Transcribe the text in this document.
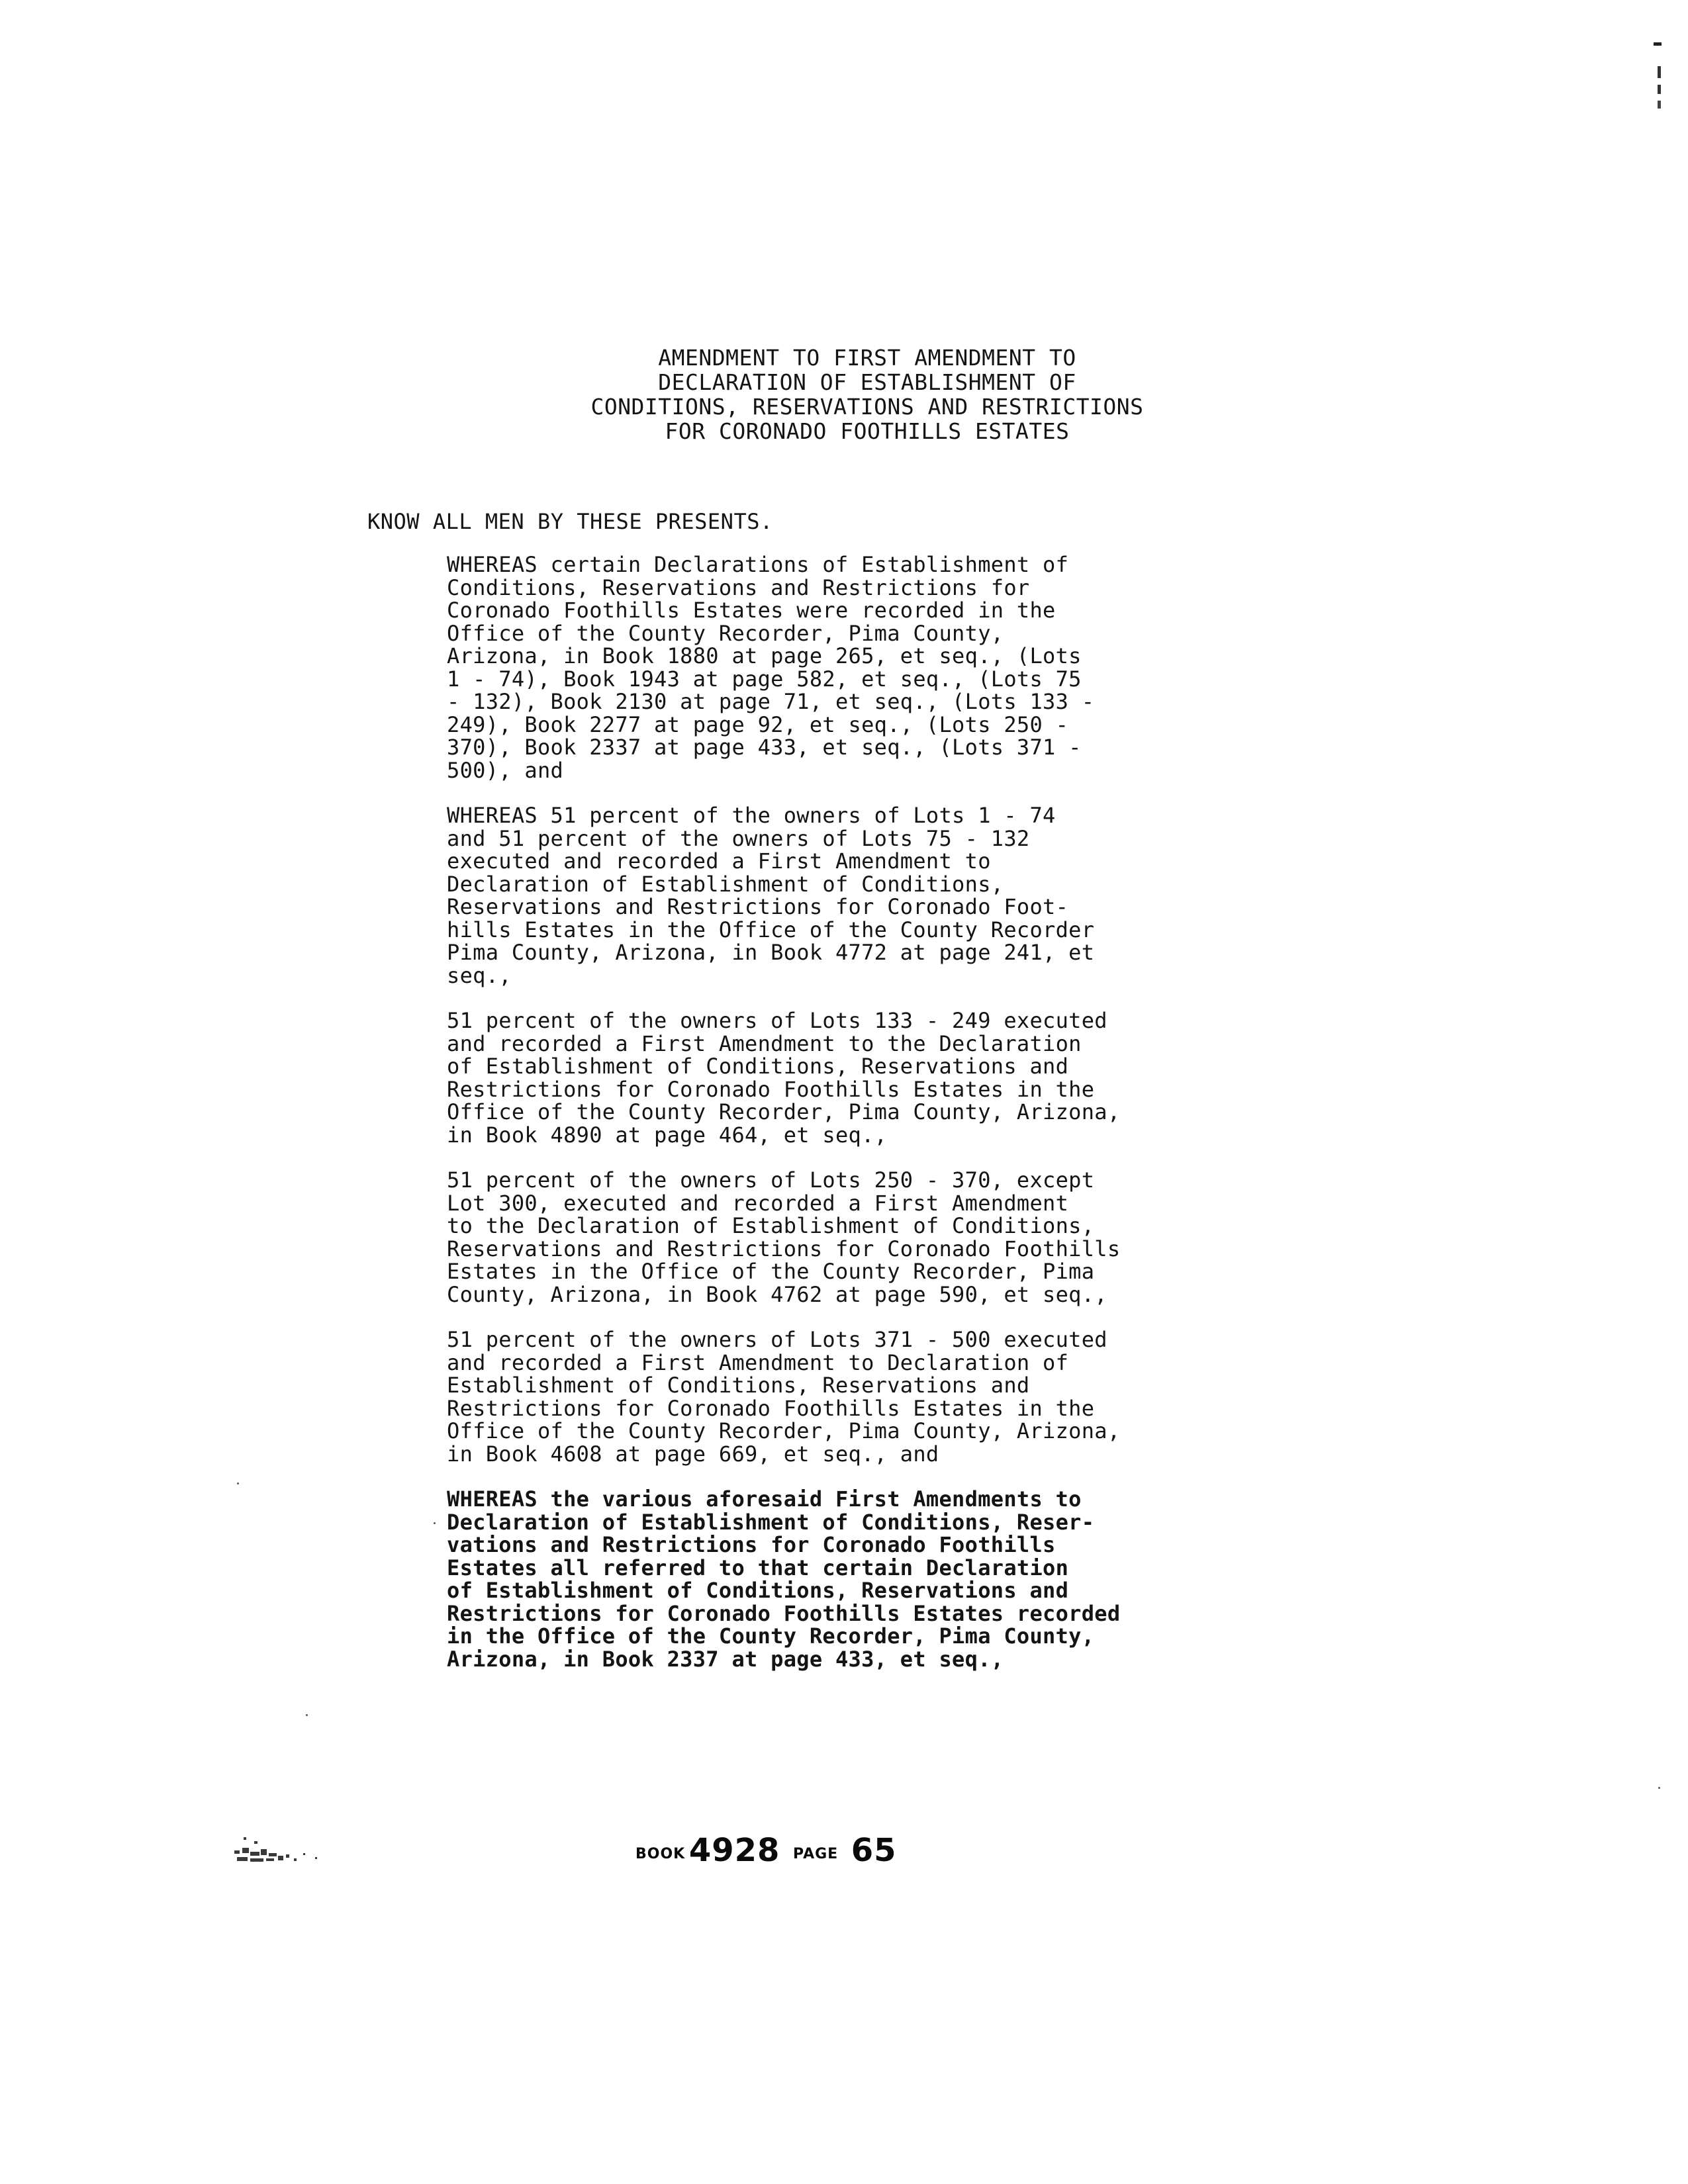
AMENDMENT TO FIRST AMENDMENT TO
DECLARATION OF ESTABLISHMENT OF
CONDITIONS, RESERVATIONS AND RESTRICTIONS
FOR CORONADO FOOTHILLS ESTATES
KNOW ALL MEN BY THESE PRESENTS.
WHEREAS certain Declarations of Establishment of
Conditions, Reservations and Restrictions for
Coronado Foothills Estates were recorded in the
Office of the County Recorder, Pima County,
Arizona, in Book 1880 at page 265, et seq., (Lots
1 - 74), Book 1943 at page 582, et seq., (Lots 75
- 132), Book 2130 at page 71, et seq., (Lots 133 -
249), Book 2277 at page 92, et seq., (Lots 250 -
370), Book 2337 at page 433, et seq., (Lots 371 -
500), and
WHEREAS 51 percent of the owners of Lots 1 - 74
and 51 percent of the owners of Lots 75 - 132
executed and recorded a First Amendment to
Declaration of Establishment of Conditions,
Reservations and Restrictions for Coronado Foot-
hills Estates in the Office of the County Recorder
Pima County, Arizona, in Book 4772 at page 241, et
seq.,
51 percent of the owners of Lots 133 - 249 executed
and recorded a First Amendment to the Declaration
of Establishment of Conditions, Reservations and
Restrictions for Coronado Foothills Estates in the
Office of the County Recorder, Pima County, Arizona,
in Book 4890 at page 464, et seq.,
51 percent of the owners of Lots 250 - 370, except
Lot 300, executed and recorded a First Amendment
to the Declaration of Establishment of Conditions,
Reservations and Restrictions for Coronado Foothills
Estates in the Office of the County Recorder, Pima
County, Arizona, in Book 4762 at page 590, et seq.,
51 percent of the owners of Lots 371 - 500 executed
and recorded a First Amendment to Declaration of
Establishment of Conditions, Reservations and
Restrictions for Coronado Foothills Estates in the
Office of the County Recorder, Pima County, Arizona,
in Book 4608 at page 669, et seq., and
WHEREAS the various aforesaid First Amendments to
Declaration of Establishment of Conditions, Reser-
vations and Restrictions for Coronado Foothills
Estates all referred to that certain Declaration
of Establishment of Conditions, Reservations and
Restrictions for Coronado Foothills Estates recorded
in the Office of the County Recorder, Pima County,
Arizona, in Book 2337 at page 433, et seq.,
BOOK 4928 PAGE 65
